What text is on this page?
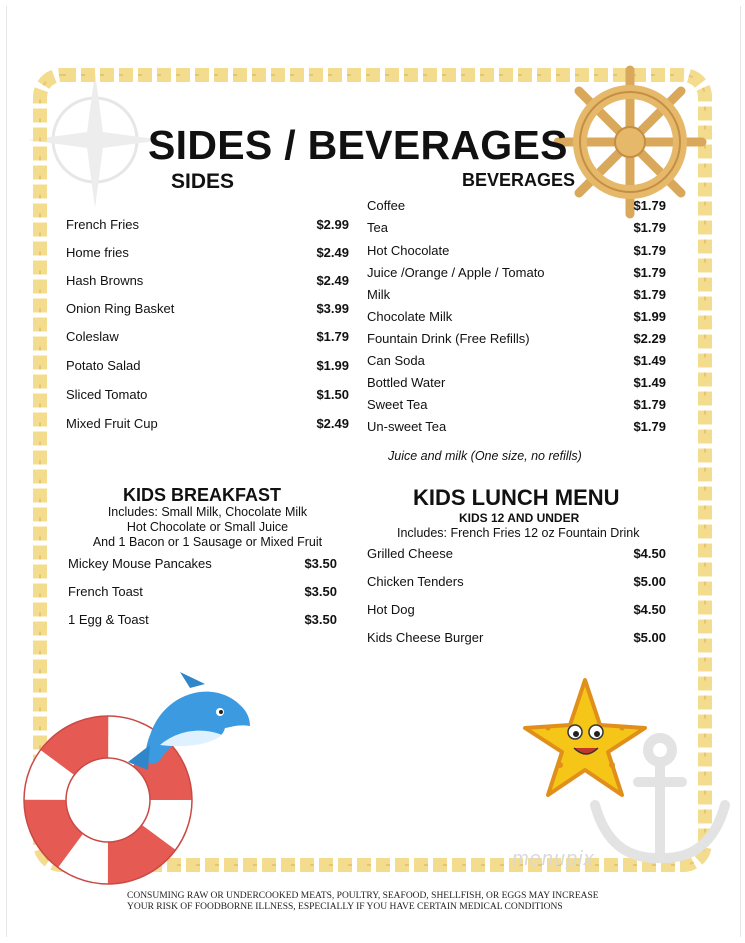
SIDES / BEVERAGES
SIDES	BEVERAGES
French Fries	$2.99
Home fries	$2.49
Hash Browns	$2.49
Onion Ring Basket	$3.99
Coleslaw	$1.79
Potato Salad	$1.99
Sliced Tomato	$1.50
Mixed Fruit Cup	$2.49
Coffee	$1.79
Tea	$1.79
Hot Chocolate	$1.79
Juice /Orange / Apple / Tomato	$1.79
Milk	$1.79
Chocolate Milk	$1.99
Fountain Drink (Free Refills)	$2.29
Can Soda	$1.49
Bottled Water	$1.49
Sweet Tea	$1.79
Un-sweet Tea	$1.79
Juice and milk (One size, no refills)
KIDS BREAKFAST
Includes: Small Milk, Chocolate Milk
Hot Chocolate or Small Juice
And 1 Bacon or 1 Sausage or Mixed Fruit
Mickey Mouse Pancakes	$3.50
French Toast	$3.50
1 Egg & Toast	$3.50
KIDS LUNCH MENU
KIDS 12 AND UNDER
Includes: French Fries 12 oz Fountain Drink
Grilled Cheese	$4.50
Chicken Tenders	$5.00
Hot Dog	$4.50
Kids Cheese Burger	$5.00
menupix
CONSUMING RAW OR UNDERCOOKED MEATS, POULTRY, SEAFOOD, SHELLFISH, OR EGGS MAY INCREASE
YOUR RISK OF FOODBORNE ILLNESS, ESPECIALLY IF YOU HAVE CERTAIN MEDICAL CONDITIONS
